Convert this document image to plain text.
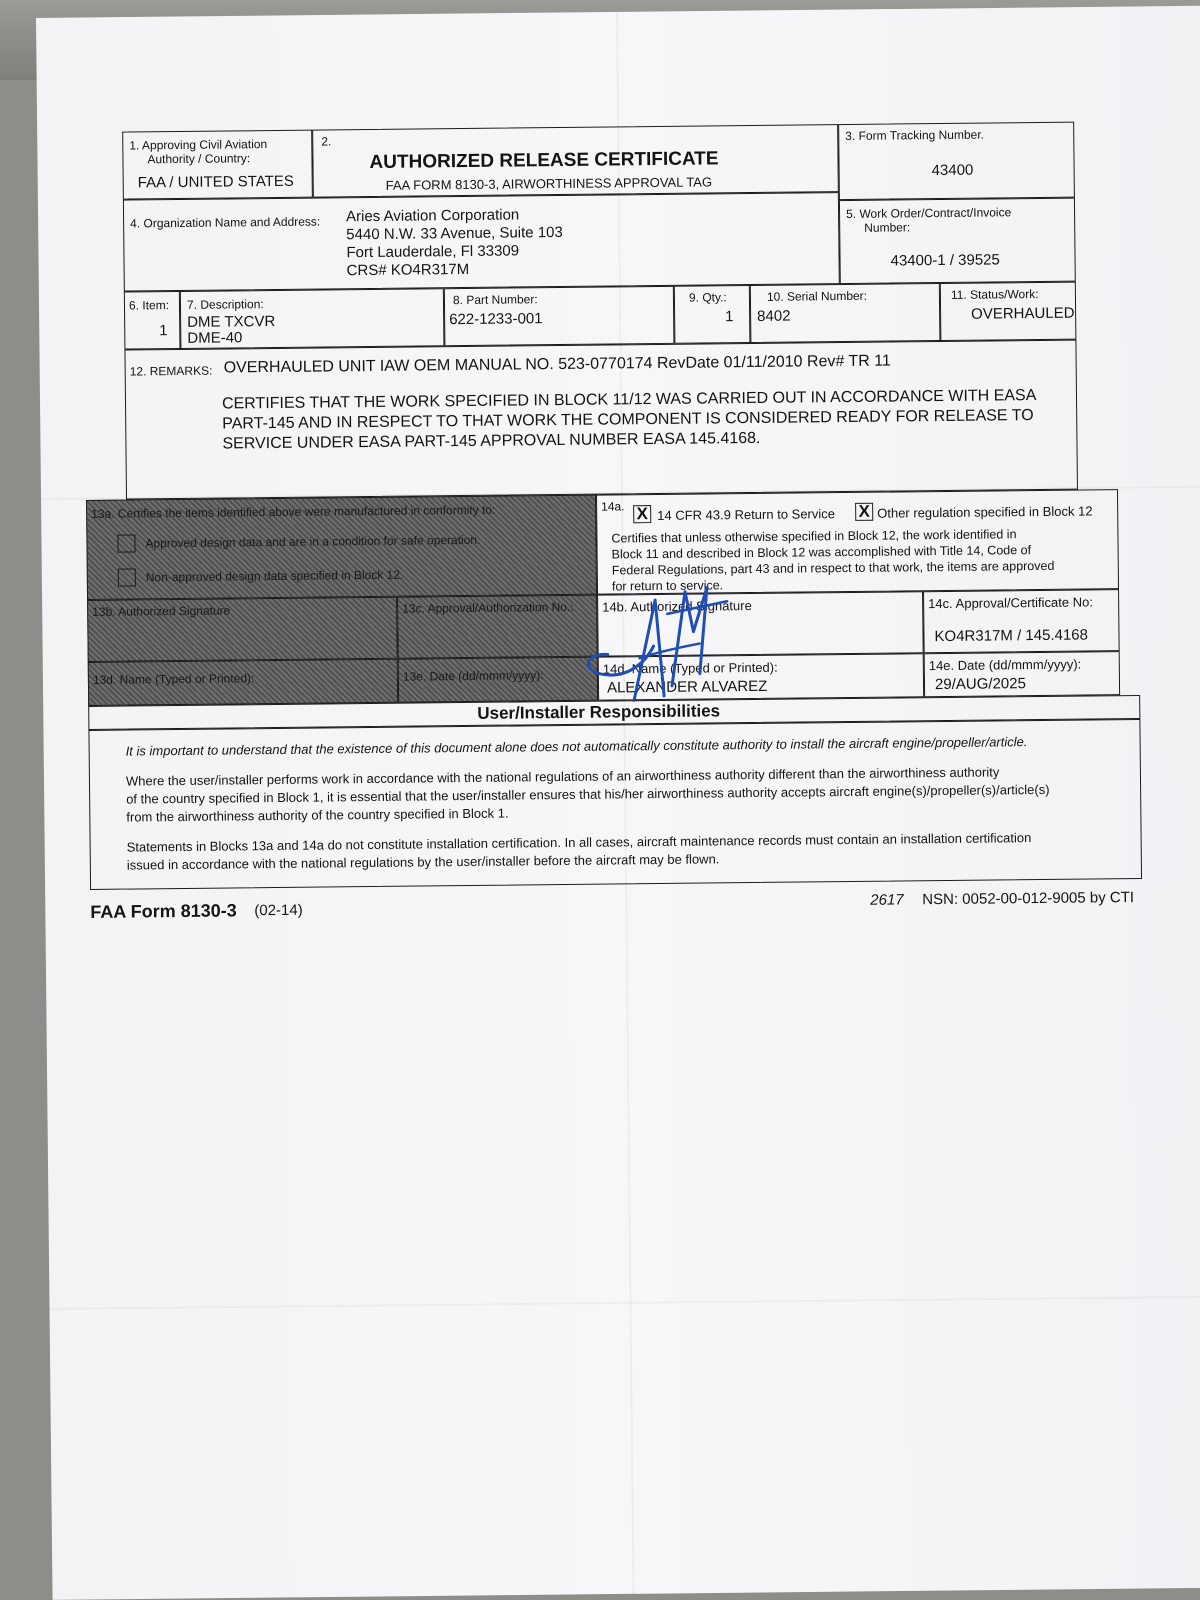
1. Approving Civil Aviation
Authority / Country:
FAA / UNITED STATES
2.
AUTHORIZED RELEASE CERTIFICATE
FAA FORM 8130-3, AIRWORTHINESS APPROVAL TAG
3. Form Tracking Number.
43400
4. Organization Name and Address: Aries Aviation Corporation
5440 N.W. 33 Avenue, Suite 103
Fort Lauderdale, Fl 33309
CRS# KO4R317M
5. Work Order/Contract/Invoice
Number:
43400-1 / 39525
6. Item:
1
7. Description:
DME TXCVR
DME-40
8. Part Number:
622-1233-001
9. Qty.:
1
10. Serial Number:
8402
11. Status/Work:
OVERHAULED
12. REMARKS: OVERHAULED UNIT IAW OEM MANUAL NO. 523-0770174 RevDate 01/11/2010 Rev# TR 11
CERTIFIES THAT THE WORK SPECIFIED IN BLOCK 11/12 WAS CARRIED OUT IN ACCORDANCE WITH EASA
PART-145 AND IN RESPECT TO THAT WORK THE COMPONENT IS CONSIDERED READY FOR RELEASE TO
SERVICE UNDER EASA PART-145 APPROVAL NUMBER EASA 145.4168.
13a. Certifies the items identified above were manufactured in conformity to:
Approved design data and are in a condition for safe operation.
Non-approved design data specified in Block 12.
13b. Authorized Signature	13c. Approval/Authorization No.:
13d. Name (Typed or Printed):	13e. Date (dd/mmm/yyyy):
14a. X 14 CFR 43.9 Return to Service X Other regulation specified in Block 12
Certifies that unless otherwise specified in Block 12, the work identified in
Block 11 and described in Block 12 was accomplished with Title 14, Code of
Federal Regulations, part 43 and in respect to that work, the items are approved
for return to service.
14b. Authorized Signature	14c. Approval/Certificate No:
KO4R317M / 145.4168
14d. Name (Typed or Printed):
ALEXANDER ALVAREZ
14e. Date (dd/mmm/yyyy):
29/AUG/2025
User/Installer Responsibilities
It is important to understand that the existence of this document alone does not automatically constitute authority to install the aircraft engine/propeller/article.
Where the user/installer performs work in accordance with the national regulations of an airworthiness authority different than the airworthiness authority
of the country specified in Block 1, it is essential that the user/installer ensures that his/her airworthiness authority accepts aircraft engine(s)/propeller(s)/article(s)
from the airworthiness authority of the country specified in Block 1.
Statements in Blocks 13a and 14a do not constitute installation certification. In all cases, aircraft maintenance records must contain an installation certification
issued in accordance with the national regulations by the user/installer before the aircraft may be flown.
FAA Form 8130-3 (02-14)
2617 NSN: 0052-00-012-9005 by CTI
